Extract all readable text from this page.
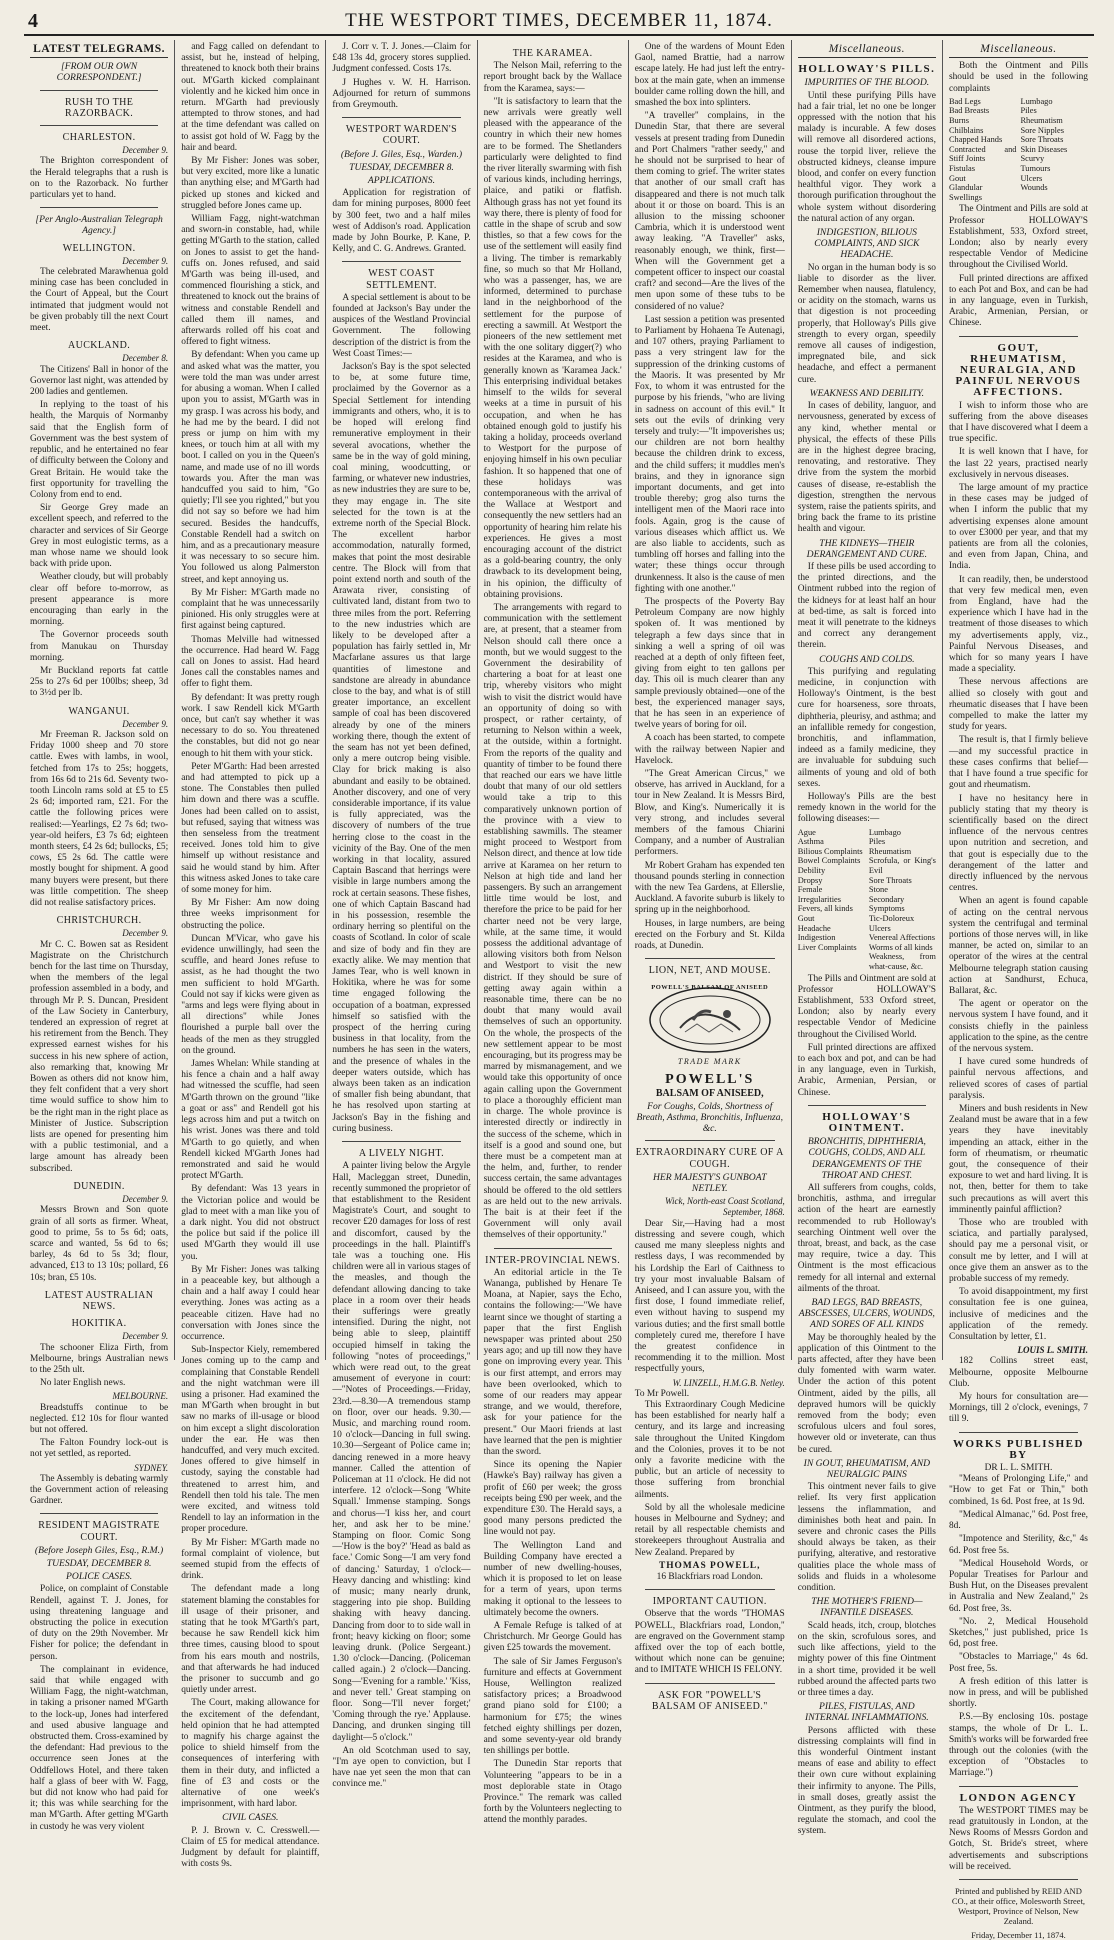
4	THE WESTPORT TIMES, DECEMBER 11, 1874.
LATEST TELEGRAMS.
[FROM OUR OWN CORRESPONDENT.]
RUSH TO THE RAZORBACK.
CHARLESTON.
December 9.

The Brighton correspondent of the Herald telegraphs that a rush is on to the Razorback. No further particulars yet to hand.

[Per Anglo-Australian Telegraph Agency.]
WELLINGTON.
December 9.

The celebrated Marawhenua gold mining case has been concluded in the Court of Appeal, but the Court intimated that judgment would not be given probably till the next Court meet.

AUCKLAND.
December 8.

The Citizens' Ball in honor of the Governor last night, was attended by 200 ladies and gentlemen.

In replying to the toast of his health, the Marquis of Normanby said that the English form of Government was the best system of republic, and he entertained no fear of difficulty between the Colony and Great Britain. He would take the first opportunity for travelling the Colony from end to end.

Sir George Grey made an excellent speech, and referred to the character and services of Sir George Grey in most eulogistic terms, as a man whose name we should look back with pride upon.

Weather cloudy, but will probably clear off before to-morrow, as present appearance is more encouraging than early in the morning.

The Governor proceeds south from Manukau on Thursday morning.

Mr Buckland reports fat cattle 25s to 27s 6d per 100lbs; sheep, 3d to 3½d per lb.

WANGANUI.
December 9.

Mr Freeman R. Jackson sold on Friday 1000 sheep and 70 store cattle. Ewes with lambs, in wool, fetched from 17s to 25s; hoggets, from 16s 6d to 21s 6d. Seventy two-tooth Lincoln rams sold at £5 to £5 2s 6d; imported ram, £21. For the cattle the following prices were realised:—Yearlings, £2 7s 6d; two-year-old heifers, £3 7s 6d; eighteen month steers, £4 2s 6d; bullocks, £5; cows, £5 2s 6d. The cattle were mostly bought for shipment. A good many buyers were present, but there was little competition. The sheep did not realise satisfactory prices.

CHRISTCHURCH.
December 9.

Mr C. C. Bowen sat as Resident Magistrate on the Christchurch bench for the last time on Thursday, when the members of the legal profession assembled in a body, and through Mr P. S. Duncan, President of the Law Society in Canterbury, tendered an expression of regret at his retirement from the Bench. They expressed earnest wishes for his success in his new sphere of action, also remarking that, knowing Mr Bowen as others did not know him, they felt confident that a very short time would suffice to show him to be the right man in the right place as Minister of Justice. Subscription lists are opened for presenting him with a public testimonial, and a large amount has already been subscribed.

DUNEDIN.
December 9.

Messrs Brown and Son quote grain of all sorts as firmer. Wheat, good to prime, 5s to 5s 6d; oats, scarce and wanted, 5s 6d to 6s; barley, 4s 6d to 5s 3d; flour, advanced, £13 to 13 10s; pollard, £6 10s; bran, £5 10s.

LATEST AUSTRALIAN NEWS.
HOKITIKA.
December 9.

The schooner Eliza Firth, from Melbourne, brings Australian news to the 25th ult.

No later English news.

MELBOURNE.

Breadstuffs continue to be neglected. £12 10s for flour wanted but not offered.

The Falton Foundry lock-out is not yet settled, as reported.

SYDNEY.

The Assembly is debating warmly the Government action of releasing Gardner.

RESIDENT MAGISTRATE COURT.
(Before Joseph Giles, Esq., R.M.)
TUESDAY, DECEMBER 8.
POLICE CASES.

Police, on complaint of Constable Rendell, against T. J. Jones, for using threatening language and obstructing the police in execution of duty on the 29th November. Mr Fisher for police; the defendant in person.

The complainant in evidence, said that while engaged with William Fagg, the night-watchman, in taking a prisoner named M'Garth to the lock-up, Jones had interfered and used abusive language and obstructed them. Cross-examined by the defendant: Had previous to the occurrence seen Jones at the Oddfellows Hotel, and there taken half a glass of beer with W. Fagg, but did not know who had paid for it; this was while searching for the man M'Garth. After getting M'Garth in custody he was very violent

and Fagg called on defendant to assist, but he, instead of helping, threatened to knock both their brains out. M'Garth kicked complainant violently and he kicked him once in return. M'Garth had previously attempted to throw stones, and had at the time defendant was called on to assist got hold of W. Fagg by the hair and beard.

By Mr Fisher: Jones was sober, but very excited, more like a lunatic than anything else; and M'Garth had picked up stones and kicked and struggled before Jones came up.

William Fagg, night-watchman and sworn-in constable, had, while getting M'Garth to the station, called on Jones to assist to get the hand-cuffs on. Jones refused, and said M'Garth was being ill-used, and commenced flourishing a stick, and threatened to knock out the brains of witness and constable Rendell and called them ill names, and afterwards rolled off his coat and offered to fight witness.

By defendant: When you came up and asked what was the matter, you were told the man was under arrest for abusing a woman. When I called upon you to assist, M'Garth was in my grasp. I was across his body, and he had me by the beard. I did not press or jump on him with my knees, or touch him at all with my boot. I called on you in the Queen's name, and made use of no ill words towards you. After the man was handcuffed you said to him, "Go quietly; I'll see you righted," but you did not say so before we had him secured. Besides the handcuffs, Constable Rendell had a switch on him, and as a precautionary measure it was necessary to so secure him. You followed us along Palmerston street, and kept annoying us.

By Mr Fisher: M'Garth made no complaint that he was unnecessarily pinioned. His only struggles were at first against being captured.

Thomas Melville had witnessed the occurrence. Had heard W. Fagg call on Jones to assist. Had heard Jones call the constables names and offer to fight them.

By defendant: It was pretty rough work. I saw Rendell kick M'Garth once, but can't say whether it was necessary to do so. You threatened the constables, but did not go near enough to hit them with your stick.

Peter M'Garth: Had been arrested and had attempted to pick up a stone. The Constables then pulled him down and there was a scuffle. Jones had been called on to assist, but refused, saying that witness was then senseless from the treatment received. Jones told him to give himself up without resistance and said he would stand by him. After this witness asked Jones to take care of some money for him.

By Mr Fisher: Am now doing three weeks imprisonment for obstructing the police.

Duncan M'Vicar, who gave his evidence unwillingly, had seen the scuffle, and heard Jones refuse to assist, as he had thought the two men sufficient to hold M'Garth. Could not say if kicks were given as "arms and legs were flying about in all directions" while Jones flourished a purple ball over the heads of the men as they struggled on the ground.

James Whelan: While standing at his fence a chain and a half away had witnessed the scuffle, had seen M'Garth thrown on the ground "like a goat or ass" and Rendell got his legs across him and put a twitch on his wrist. Jones was there and told M'Garth to go quietly, and when Rendell kicked M'Garth Jones had remonstrated and said he would protect M'Garth.

By defendant: Was 13 years in the Victorian police and would be glad to meet with a man like you of a dark night. You did not obstruct the police but said if the police ill used M'Garth they would ill use you.

By Mr Fisher: Jones was talking in a peaceable key, but although a chain and a half away I could hear everything. Jones was acting as a peaceable citizen. Have had no conversation with Jones since the occurrence.

Sub-Inspector Kiely, remembered Jones coming up to the camp and complaining that Constable Rendell and the night watchman were ill using a prisoner. Had examined the man M'Garth when brought in but saw no marks of ill-usage or blood on him except a slight discoloration under the ear. He was then handcuffed, and very much excited. Jones offered to give himself in custody, saying the constable had threatened to arrest him, and Rendell then told his tale. The men were excited, and witness told Rendell to lay an information in the proper procedure.

By Mr Fisher: M'Garth made no formal complaint of violence, but seemed stupid from the effects of drink.

The defendant made a long statement blaming the constables for ill usage of their prisoner, and stating that he took M'Garth's part, because he saw Rendell kick him three times, causing blood to spout from his ears mouth and nostrils, and that afterwards he had induced the prisoner to succumb and go quietly under arrest.

The Court, making allowance for the excitement of the defendant, held opinion that he had attempted to magnify his charge against the police to shield himself from the consequences of interfering with them in their duty, and inflicted a fine of £3 and costs or the alternative of one week's imprisonment, with hard labor.

CIVIL CASES.

P. J. Brown v. C. Cresswell.—Claim of £5 for medical attendance. Judgment by default for plaintiff, with costs 9s.

J. Corr v. T. J. Jones.—Claim for £48 13s 4d, grocery stores supplied. Judgment confessed. Costs 17s.

J Hughes v. W. H. Harrison. Adjourned for return of summons from Greymouth.

WESTPORT WARDEN'S COURT.
(Before J. Giles, Esq., Warden.)
TUESDAY, DECEMBER 8.
APPLICATIONS.

Application for registration of dam for mining purposes, 8000 feet by 300 feet, two and a half miles west of Addison's road. Application made by John Bourke, P. Kane, P. Kelly, and C. G. Andrews. Granted.

WEST COAST SETTLEMENT.

A special settlement is about to be founded at Jackson's Bay under the auspices of the Westland Provincial Government. The following description of the district is from the West Coast Times:—

Jackson's Bay is the spot selected to be, at some future time, proclaimed by the Governor as a Special Settlement for intending immigrants and others, who, it is to be hoped will erelong find remunerative employment in their several avocations, whether the same be in the way of gold mining, coal mining, woodcutting, or farming, or whatever new industries, as new industries they are sure to be, they may engage in. The site selected for the town is at the extreme north of the Special Block. The excellent harbor accommodation, naturally formed, makes that point the most desirable centre. The Block will from that point extend north and south of the Arawata river, consisting of cultivated land, distant from two to three miles from the port. Referring to the new industries which are likely to be developed after a population has fairly settled in, Mr Macfarlane assures us that large quantities of limestone and sandstone are already in abundance close to the bay, and what is of still greater importance, an excellent sample of coal has been discovered already by one of the miners working there, though the extent of the seam has not yet been defined, only a mere outcrop being visible. Clay for brick making is also abundant and easily to be obtained. Another discovery, and one of very considerable importance, if its value is fully appreciated, was the discovery of numbers of the true herring close to the coast in the vicinity of the Bay. One of the men working in that locality, assured Captain Bascand that herrings were visible in large numbers among the rock at certain seasons. These fishes, one of which Captain Bascand had in his possession, resemble the ordinary herring so plentiful on the coasts of Scotland. In color of scale and size of body and fin they are exactly alike. We may mention that James Tear, who is well known in Hokitika, where he was for some time engaged following the occupation of a boatman, expressed himself so satisfied with the prospect of the herring curing business in that locality, from the numbers he has seen in the waters, and the presence of whales in the deeper waters outside, which has always been taken as an indication of smaller fish being abundant, that he has resolved upon starting at Jackson's Bay in the fishing and curing business.

A LIVELY NIGHT.

A painter living below the Argyle Hall, Macleggan street, Dunedin, recently summoned the proprietor of that establishment to the Resident Magistrate's Court, and sought to recover £20 damages for loss of rest and discomfort, caused by the proceedings in the hall. Plaintiff's tale was a touching one. His children were all in various stages of the measles, and though the defendant allowing dancing to take place in a room over their heads their sufferings were greatly intensified. During the night, not being able to sleep, plaintiff occupied himself in taking the following "notes of proceedings," which were read out, to the great amusement of everyone in court:—"Notes of Proceedings.—Friday, 23rd.—8.30—A tremendous stamp on floor, over our heads. 9.30.—Music, and marching round room. 10 o'clock—Dancing in full swing. 10.30—Sergeant of Police came in; dancing renewed in a more heavy manner. Called the attention of Policeman at 11 o'clock. He did not interfere. 12 o'clock—Song 'White Squall.' Immense stamping. Songs and chorus—'I kiss her, and court her, and ask her to be mine.' Stamping on floor. Comic Song—'How is the boy?' 'Head as bald as face.' Comic Song—'I am very fond of dancing.' Saturday, 1 o'clock—Heavy dancing and whistling: kind of music; many nearly drunk, staggering into pie shop. Building shaking with heavy dancing. Dancing from door to to side wall in front; heavy kicking on floor; some leaving drunk. (Police Sergeant.) 1.30 o'clock—Dancing. (Policeman called again.) 2 o'clock—Dancing. Song—'Evening for a ramble.' 'Kiss, and never tell.' Great stamping on floor. Song—'I'll never forget;' 'Coming through the rye.' Applause. Dancing, and drunken singing till daylight—5 o'clock."

An old Scotchman used to say, "I'm aye open to conviction, but I have nae yet seen the mon that can convince me."

THE KARAMEA.

The Nelson Mail, referring to the report brought back by the Wallace from the Karamea, says:—

"It is satisfactory to learn that the new arrivals were greatly well pleased with the appearance of the country in which their new homes are to be formed. The Shetlanders particularly were delighted to find the river literally swarming with fish of various kinds, including herrings, plaice, and patiki or flatfish. Although grass has not yet found its way there, there is plenty of food for cattle in the shape of scrub and sow thistles, so that a few cows for the use of the settlement will easily find a living. The timber is remarkably fine, so much so that Mr Holland, who was a passenger, has, we are informed, determined to purchase land in the neighborhood of the settlement for the purpose of erecting a sawmill. At Westport the pioneers of the new settlement met with the one solitary digger(?) who resides at the Karamea, and who is generally known as 'Karamea Jack.' This enterprising individual betakes himself to the wilds for several weeks at a time in pursuit of his occupation, and when he has obtained enough gold to justify his taking a holiday, proceeds overland to Westport for the purpose of enjoying himself in his own peculiar fashion. It so happened that one of these holidays was contemporaneous with the arrival of the Wallace at Westport and consequently the new settlers had an opportunity of hearing him relate his experiences. He gives a most encouraging account of the district as a gold-bearing country, the only drawback to its development being, in his opinion, the difficulty of obtaining provisions.

The arrangements with regard to communication with the settlement are, at present, that a steamer from Nelson should call there once a month, but we would suggest to the Government the desirability of chartering a boat for at least one trip, whereby visitors who might wish to visit the district would have an opportunity of doing so with prospect, or rather certainty, of returning to Nelson within a week, at the outside, within a fortnight. From the reports of the quality and quantity of timber to be found there that reached our ears we have little doubt that many of our old settlers would take a trip to this comparatively unknown portion of the province with a view to establishing sawmills. The steamer might proceed to Westport from Nelson direct, and thence at low tide arrive at Karamea on her return to Nelson at high tide and land her passengers. By such an arrangement little time would be lost, and therefore the price to be paid for her charter need not be very large, while, at the same time, it would possess the additional advantage of allowing visitors both from Nelson and Westport to visit the new district. If they should be sure of getting away again within a reasonable time, there can be no doubt that many would avail themselves of such an opportunity. On the whole, the prospects of the new settlement appear to be most encouraging, but its progress may be marred by mismanagement, and we would take this opportunity of once again calling upon the Government to place a thoroughly efficient man in charge. The whole province is interested directly or indirectly in the success of the scheme, which in itself is a good and sound one, but there must be a competent man at the helm, and, further, to render success certain, the same advantages should be offered to the old settlers as are held out to the new arrivals. The bait is at their feet if the Government will only avail themselves of their opportunity."

INTER-PROVINCIAL NEWS.

An editorial article in the Te Wananga, published by Henare Te Moana, at Napier, says the Echo, contains the following:—"We have learnt since we thought of starting a paper that the first English newspaper was printed about 250 years ago; and up till now they have gone on improving every year. This is our first attempt, and errors may have been overlooked, which to some of our readers may appear strange, and we would, therefore, ask for your patience for the present." Our Maori friends at last have learned that the pen is mightier than the sword.

Since its opening the Napier (Hawke's Bay) railway has given a profit of £60 per week; the gross receipts being £90 per week, and the expenditure £30. The Herald says, a good many persons predicted the line would not pay.

The Wellington Land and Building Company have erected a number of new dwelling-houses, which it is proposed to let on lease for a term of years, upon terms making it optional to the lessees to ultimately become the owners.

A Female Refuge is talked of at Christchurch. Mr George Gould has given £25 towards the movement.

The sale of Sir James Ferguson's furniture and effects at Government House, Wellington realized satisfactory prices; a Broadwood grand piano sold for £100; a harmonium for £75; the wines fetched eighty shillings per dozen, and some seventy-year old brandy ten shillings per bottle.

The Dunedin Star reports that Volunteering "appears to be in a most deplorable state in Otago Province." The remark was called forth by the Volunteers neglecting to attend the monthly parades.

One of the wardens of Mount Eden Gaol, named Brattie, had a narrow escape lately. He had just left the entry-box at the main gate, when an immense boulder came rolling down the hill, and smashed the box into splinters.

"A traveller" complains, in the Dunedin Star, that there are several vessels at present trading from Dunedin and Port Chalmers "rather seedy," and he should not be surprised to hear of them coming to grief. The writer states that another of our small craft has disappeared and there is not much talk about it or those on board. This is an allusion to the missing schooner Cambria, which it is understood went away leaking. "A Traveller" asks, reasonably enough, we think, first—When will the Government get a competent officer to inspect our coastal craft? and second—Are the lives of the men upon some of these tubs to be considered of no value?

Last session a petition was presented to Parliament by Hohaena Te Autenagi, and 107 others, praying Parliament to pass a very stringent law for the suppression of the drinking customs of the Maoris. It was presented by Mr Fox, to whom it was entrusted for the purpose by his friends, "who are living in sadness on account of this evil." It sets out the evils of drinking very tersely and truly:—"It impoverishes us; our children are not born healthy because the children drink to excess, and the child suffers; it muddles men's brains, and they in ignorance sign important documents, and get into trouble thereby; grog also turns the intelligent men of the Maori race into fools. Again, grog is the cause of various diseases which afflict us. We are also liable to accidents, such as tumbling off horses and falling into the water; these things occur through drunkenness. It also is the cause of men fighting with one another."

The prospects of the Poverty Bay Petroleum Company are now highly spoken of. It was mentioned by telegraph a few days since that in sinking a well a spring of oil was reached at a depth of only fifteen feet, giving from eight to ten gallons per day. This oil is much clearer than any sample previously obtained—one of the best, the experienced manager says, that he has seen in an experience of twelve years of boring for oil.

A coach has been started, to compete with the railway between Napier and Havelock.

"The Great American Circus," we observe, has arrived in Auckland, for a tour in New Zealand. It is Messrs Bird, Blow, and King's. Numerically it is very strong, and includes several members of the famous Chiarini Company, and a number of Australian performers.

Mr Robert Graham has expended ten thousand pounds sterling in connection with the new Tea Gardens, at Ellerslie, Auckland. A favorite suburb is likely to spring up in the neighborhood.

Houses, in large numbers, are being erected on the Forbury and St. Kilda roads, at Dunedin.

LION, NET, AND MOUSE.
POWELL'S BALSAM OF ANISEED
TRADE MARK
POWELL'S
BALSAM OF ANISEED,
For Coughs, Colds, Shortness of Breath, Asthma, Bronchitis, Influenza, &c.
EXTRAORDINARY CURE OF A COUGH.
HER MAJESTY'S GUNBOAT NETLEY.
Wick, North-east Coast Scotland, September, 1868.

Dear Sir,—Having had a most distressing and severe cough, which caused me many sleepless nights and restless days, I was recommended by his Lordship the Earl of Caithness to try your most invaluable Balsam of Aniseed, and I can assure you, with the first dose, I found immediate relief, even without having to suspend my various duties; and the first small bottle completely cured me, therefore I have the greatest confidence in recommending it to the million. Most respectfully yours,

W. LINZELL, H.M.G.B. Netley.
To Mr Powell.

This Extraordinary Cough Medicine has been established for nearly half a century, and its large and increasing sale throughout the United Kingdom and the Colonies, proves it to be not only a favorite medicine with the public, but an article of necessity to those suffering from bronchial ailments.

Sold by all the wholesale medicine houses in Melbourne and Sydney; and retail by all respectable chemists and storekeepers throughout Australia and New Zealand. Prepared by

THOMAS POWELL,
16 Blackfriars road London.
IMPORTANT CAUTION.

Observe that the words "THOMAS POWELL, Blackfriars road, London," are engraved on the Government stamp affixed over the top of each bottle, without which none can be genuine; and to IMITATE WHICH IS FELONY.

ASK FOR "POWELL'S BALSAM OF ANISEED."
Miscellaneous.
HOLLOWAY'S PILLS.
IMPURITIES OF THE BLOOD.

Until these purifying Pills have had a fair trial, let no one be longer oppressed with the notion that his malady is incurable. A few doses will remove all disordered actions, rouse the torpid liver, relieve the obstructed kidneys, cleanse impure blood, and confer on every function healthful vigor. They work a thorough purification throughout the whole system without disordering the natural action of any organ.

INDIGESTION, BILIOUS COMPLAINTS, AND SICK HEADACHE.

No organ in the human body is so liable to disorder as the liver. Remember when nausea, flatulency, or acidity on the stomach, warns us that digestion is not proceeding properly, that Holloway's Pills give strength to every organ, speedily remove all causes of indigestion, impregnated bile, and sick headache, and effect a permanent cure.

WEAKNESS AND DEBILITY.

In cases of debility, languor, and nervousness, generated by excess of any kind, whether mental or physical, the effects of these Pills are in the highest degree bracing, renovating, and restorative. They drive from the system the morbid causes of disease, re-establish the digestion, strengthen the nervous system, raise the patients spirits, and bring back the frame to its pristine health and vigour.

THE KIDNEYS—THEIR DERANGEMENT AND CURE.

If these pills be used according to the printed directions, and the Ointment rubbed into the region of the kidneys for at least half an hour at bed-time, as salt is forced into meat it will penetrate to the kidneys and correct any derangement therein.

COUGHS AND COLDS.

This purifying and regulating medicine, in conjunction with Holloway's Ointment, is the best cure for hoarseness, sore throats, diphtheria, pleurisy, and asthma; and an infallible remedy for congestion, bronchitis, and inflammation, indeed as a family medicine, they are invaluable for subduing such ailments of young and old of both sexes.

Holloway's Pills are the best remedy known in the world for the following diseases:—

Ague
Asthma
Bilious Complaints
Bowel Complaints
Debility
Dropsy
Female Irregularities
Fevers, all kinds
Gout
Headache
Indigestion
Liver Complaints
Lumbago
Piles
Rheumatism
Scrofula, or King's Evil
Sore Throats
Stone
Secondary Symptoms
Tic-Doloreux
Ulcers
Venereal Affections
Worms of all kinds
Weakness, from what-cause, &c.

The Pills and Ointment are sold at Professor HOLLOWAY'S Establishment, 533 Oxford street, London; also by nearly every respectable Vendor of Medicine throughout the Civilised World.

Full printed directions are affixed to each box and pot, and can be had in any language, even in Turkish, Arabic, Armenian, Persian, or Chinese.

HOLLOWAY'S OINTMENT.
BRONCHITIS, DIPHTHERIA, COUGHS, COLDS, AND ALL DERANGEMENTS OF THE THROAT AND CHEST.

All sufferers from coughs, colds, bronchitis, asthma, and irregular action of the heart are earnestly recommended to rub Holloway's searching Ointment well over the throat, breast, and back, as the case may require, twice a day. This Ointment is the most efficacious remedy for all internal and external ailments of the throat.

BAD LEGS, BAD BREASTS, ABSCESSES, ULCERS, WOUNDS, AND SORES OF ALL KINDS

May be thoroughly healed by the application of this Ointment to the parts affected, after they have been duly fomented with warm water. Under the action of this potent Ointment, aided by the pills, all depraved humors will be quickly removed from the body; even scrofulous ulcers and foul sores, however old or inveterate, can thus be cured.

IN GOUT, RHEUMATISM, AND NEURALGIC PAINS

This ointment never fails to give relief. Its very first application lessens the inflammation, and diminishes both heat and pain. In severe and chronic cases the Pills should always be taken, as their purifying, alterative, and restorative qualities place the whole mass of solids and fluids in a wholesome condition.

THE MOTHER'S FRIEND—INFANTILE DISEASES.

Scald heads, itch, croup, blotches on the skin, scrofulous sores, and such like affections, yield to the mighty power of this fine Ointment in a short time, provided it be well rubbed around the affected parts two or three times a day.

PILES, FISTULAS, AND INTERNAL INFLAMMATIONS.

Persons afflicted with these distressing complaints will find in this wonderful Ointment instant means of ease and ability to effect their own cure without explaining their infirmity to anyone. The Pills, in small doses, greatly assist the Ointment, as they purify the blood, regulate the stomach, and cool the system.

Miscellaneous.

Both the Ointment and Pills should be used in the following complaints

Bad Legs
Bad Breasts
Burns
Chilblains
Chapped Hands
Contracted and Stiff Joints
Fistulas
Gout
Glandular Swellings
Lumbago
Piles
Rheumatism
Sore Nipples
Sore Throats
Skin Diseases
Scurvy
Tumours
Ulcers
Wounds

The Ointment and Pills are sold at Professor HOLLOWAY'S Establishment, 533, Oxford street, London; also by nearly every respectable Vendor of Medicine throughout the Civilised World.

Full printed directions are affixed to each Pot and Box, and can be had in any language, even in Turkish, Arabic, Armenian, Persian, or Chinese.

GOUT, RHEUMATISM, NEURALGIA, AND PAINFUL NERVOUS AFFECTIONS.

I wish to inform those who are suffering from the above diseases that I have discovered what I deem a true specific.

It is well known that I have, for the last 22 years, practised nearly exclusively in nervous diseases.

The large amount of my practice in these cases may be judged of when I inform the public that my advertising expenses alone amount to over £3000 per year, and that my patients are from all the colonies, and even from Japan, China, and India.

It can readily, then, be understood that very few medical men, even from England, have had the experience which I have had in the treatment of those diseases to which my advertisements apply, viz., Painful Nervous Diseases, and which for so many years I have made a speciality.

These nervous affections are allied so closely with gout and rheumatic diseases that I have been compelled to make the latter my study for years.

The result is, that I firmly believe—and my successful practice in these cases confirms that belief—that I have found a true specific for gout and rheumatism.

I have no hesitancy here in publicly stating that my theory is scientifically based on the direct influence of the nervous centres upon nutrition and secretion, and that gout is especially due to the derangement of the latter and directly influenced by the nervous centres.

When an agent is found capable of acting on the central nervous system the centrifugal and terminal portions of those nerves will, in like manner, be acted on, similar to an operator of the wires at the central Melbourne telegraph station causing action at Sandhurst, Echuca, Ballarat, &c.

The agent or operator on the nervous system I have found, and it consists chiefly in the painless application to the spine, as the centre of the nervous system.

I have cured some hundreds of painful nervous affections, and relieved scores of cases of partial paralysis.

Miners and bush residents in New Zealand must be aware that in a few years they have inevitably impending an attack, either in the form of rheumatism, or rheumatic gout, the consequence of their exposure to wet and hard living. It is not, then, better for them to take such precautions as will avert this imminently painful affliction?

Those who are troubled with sciatica, and partially paralysed, should pay me a personal visit, or consult me by letter, and I will at once give them an answer as to the probable success of my remedy.

To avoid disappointment, my first consultation fee is one guinea, inclusive of medicines and the application of the remedy. Consultation by letter, £1.

LOUIS L. SMITH.

182 Collins street east, Melbourne, opposite Melbourne Club.

My hours for consultation are—Mornings, till 2 o'clock, evenings, 7 till 9.

WORKS PUBLISHED BY
DR L. L. SMITH.

"Means of Prolonging Life," and "How to get Fat or Thin," both combined, 1s 6d. Post free, at 1s 9d.

"Medical Almanac," 6d. Post free, 8d.

"Impotence and Sterility, &c," 4s 6d. Post free 5s.

"Medical Household Words, or Popular Treatises for Parlour and Bush Hut, on the Diseases prevalent in Australia and New Zealand," 2s 6d. Post free, 3s.

"No. 2, Medical Household Sketches," just published, price 1s 6d, post free.

"Obstacles to Marriage," 4s 6d. Post free, 5s.

A fresh edition of this latter is now in press, and will be published shortly.

P.S.—By enclosing 10s. postage stamps, the whole of Dr L. L. Smith's works will be forwarded free through out the colonies (with the exception of "Obstacles to Marriage.")

LONDON AGENCY

The WESTPORT TIMES may be read gratuitously in London, at the News Rooms of Messrs Gordon and Gotch, St. Bride's street, where advertisements and subscriptions will be received.

Printed and published by REID AND CO., at their office, Molesworth Street, Westport, Province of Nelson, New Zealand.
Friday, December 11, 1874.
